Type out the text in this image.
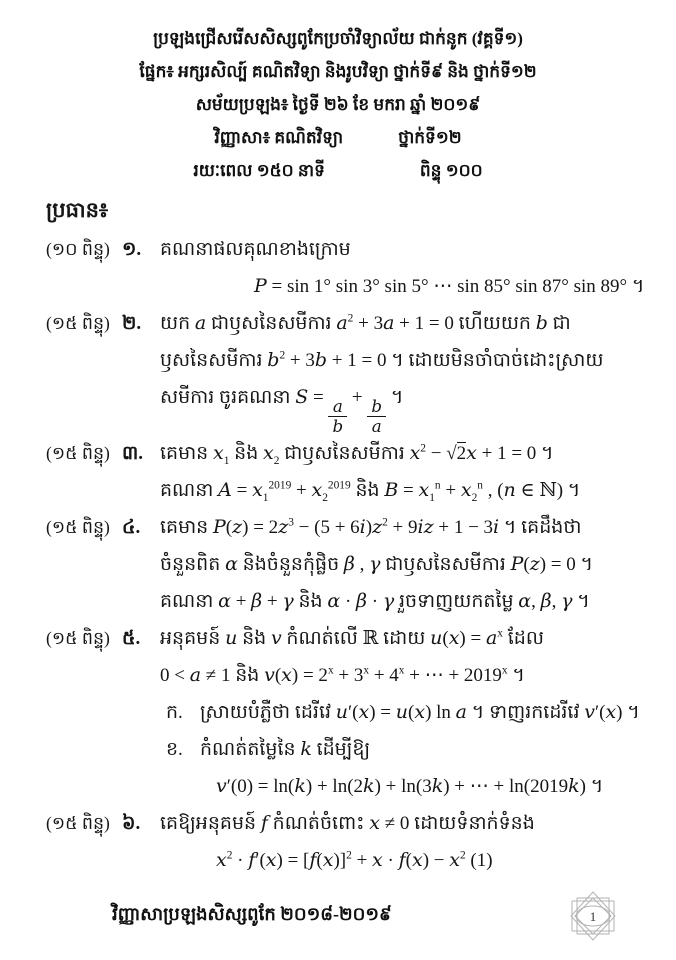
ប្រឡងជ្រើសរើសសិស្សពូកែប្រចាំវិទ្យាល័យ ជាក់នូក (វគ្គទី១)
ផ្នែក៖ អក្សរសិល្ប៍ គណិតវិទ្យា និងរូបវិទ្យា ថ្នាក់ទី៩ និង ថ្នាក់ទី១២
សម័យប្រឡង៖ ថ្ងៃទី ២៦ ខែ មករា ឆ្នាំ ២០១៩
វិញ្ញាសា៖ គណិតវិទ្យា	ថ្នាក់ទី១២
រយៈពេល ១៥០ នាទី	ពិន្ទុ ១០០
ប្រធាន៖
(១០ ពិន្ទុ) ១. គណនាផលគុណខាងក្រោម
P = sin 1° sin 3° sin 5° ⋯ sin 85° sin 87° sin 89° ។
(១៥ ពិន្ទុ) ២. យក a ជាឫសនៃសមីការ $a^2 + 3a + 1 = 0$ ហើយយក b ជា
ឫសនៃសមីការ $b^2 + 3b + 1 = 0$ ។ ដោយមិនចាំបាច់ដោះស្រាយ
សមីការ ចូរគណនា $S = \frac{a}{b} + \frac{b}{a}$ ។
(១៥ ពិន្ទុ) ៣. គេមាន $x_1$ និង $x_2$ ជាឫសនៃសមីការ $x^2 - √2x + 1 = 0$ ។
គណនា $A = x_1^{2019} + x_2^{2019}$ និង $B = x_1^n + x_2^n$ , (n ∈ ℕ) ។
(១៥ ពិន្ទុ) ៤.	គេមាន $P(z) = 2z^3 - (5 + 6i)z^2 + 9iz + 1 - 3i$ ។ គេដឹងថា
ចំនួនពិត α និងចំនួនកុំផ្លិច β , γ ជាឫសនៃសមីការ P(z) = 0 ។
គណនា α + β + γ និង α · β · γ រួចទាញយកតម្លៃ α, β, γ ។
(១៥ ពិន្ទុ) ៥.	អនុគមន៍ u និង v កំណត់លើ ℝ ដោយ $u(x) = a^x$ ដែល
0 < a ≠ 1 និង $v(x) = 2^x + 3^x + 4^x$ + ⋯ + $2019^x$ ។
ក. ស្រាយបំភ្លឺថា ដេរីវេ u′(x) = u(x) ln a ។ ទាញរកដេរីវេ v′(x) ។
ខ. កំណត់តម្លៃនៃ k ដើម្បីឱ្យ
v′(0) = ln(k) + ln(2k) + ln(3k) + ⋯ + ln(2019k) ។
(១៥ ពិន្ទុ) ៦.	គេឱ្យអនុគមន៍ f កំណត់ចំពោះ x ≠ 0 ដោយទំនាក់ទំនង
$x^2 \cdot f'(x) = [f(x)]^2 + x \cdot f(x) - x^2$ (1)
វិញ្ញាសាប្រឡងសិស្សពូកែ ២០១៨-២០១៩	1
